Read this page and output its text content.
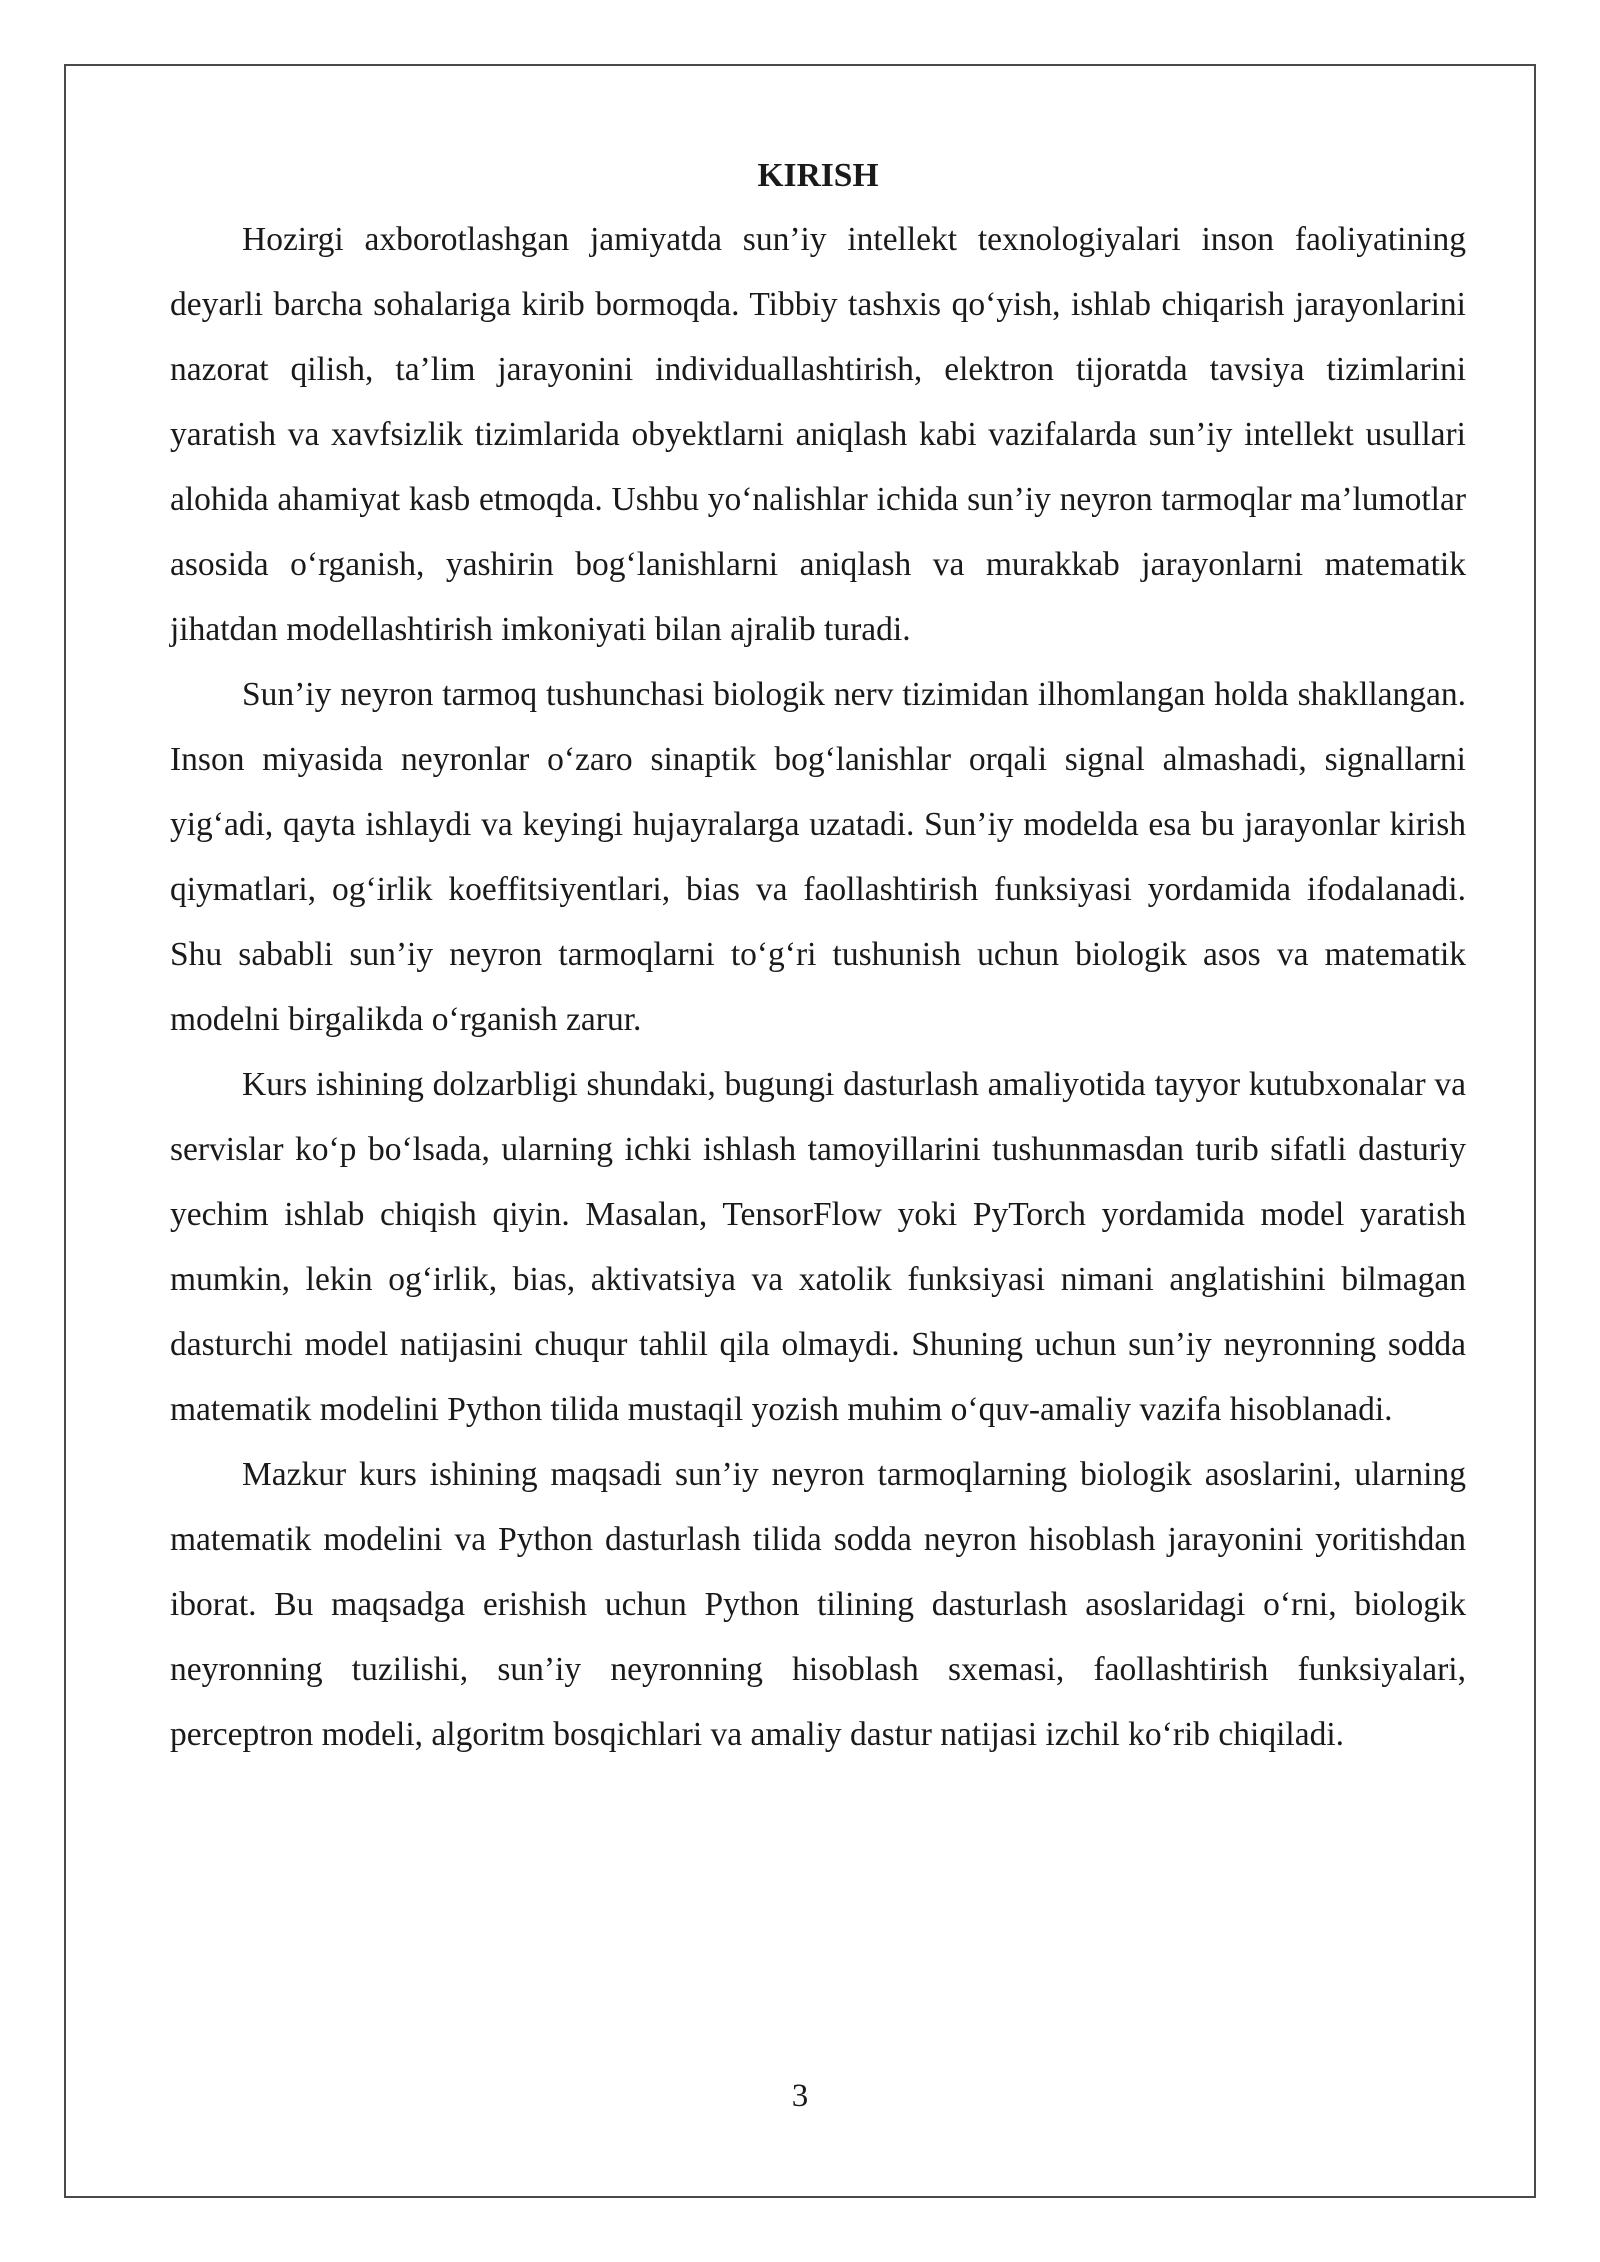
KIRISH

Hozirgi axborotlashgan jamiyatda sun’iy intellekt texnologiyalari inson faoliyatining deyarli barcha sohalariga kirib bormoqda. Tibbiy tashxis qo‘yish, ishlab chiqarish jarayonlarini nazorat qilish, ta’lim jarayonini individuallashtirish, elektron tijoratda tavsiya tizimlarini yaratish va xavfsizlik tizimlarida obyektlarni aniqlash kabi vazifalarda sun’iy intellekt usullari alohida ahamiyat kasb etmoqda. Ushbu yo‘nalishlar ichida sun’iy neyron tarmoqlar ma’lumotlar asosida o‘rganish, yashirin bog‘lanishlarni aniqlash va murakkab jarayonlarni matematik jihatdan modellashtirish imkoniyati bilan ajralib turadi.

Sun’iy neyron tarmoq tushunchasi biologik nerv tizimidan ilhomlangan holda shakllangan. Inson miyasida neyronlar o‘zaro sinaptik bog‘lanishlar orqali signal almashadi, signallarni yig‘adi, qayta ishlaydi va keyingi hujayralarga uzatadi. Sun’iy modelda esa bu jarayonlar kirish qiymatlari, og‘irlik koeffitsiyentlari, bias va faollashtirish funksiyasi yordamida ifodalanadi. Shu sababli sun’iy neyron tarmoqlarni to‘g‘ri tushunish uchun biologik asos va matematik modelni birgalikda o‘rganish zarur.

Kurs ishining dolzarbligi shundaki, bugungi dasturlash amaliyotida tayyor kutubxonalar va servislar ko‘p bo‘lsada, ularning ichki ishlash tamoyillarini tushunmasdan turib sifatli dasturiy yechim ishlab chiqish qiyin. Masalan, TensorFlow yoki PyTorch yordamida model yaratish mumkin, lekin og‘irlik, bias, aktivatsiya va xatolik funksiyasi nimani anglatishini bilmagan dasturchi model natijasini chuqur tahlil qila olmaydi. Shuning uchun sun’iy neyronning sodda matematik modelini Python tilida mustaqil yozish muhim o‘quv-amaliy vazifa hisoblanadi.

Mazkur kurs ishining maqsadi sun’iy neyron tarmoqlarning biologik asoslarini, ularning matematik modelini va Python dasturlash tilida sodda neyron hisoblash jarayonini yoritishdan iborat. Bu maqsadga erishish uchun Python tilining dasturlash asoslaridagi o‘rni, biologik neyronning tuzilishi, sun’iy neyronning hisoblash sxemasi, faollashtirish funksiyalari, perceptron modeli, algoritm bosqichlari va amaliy dastur natijasi izchil ko‘rib chiqiladi.

3
